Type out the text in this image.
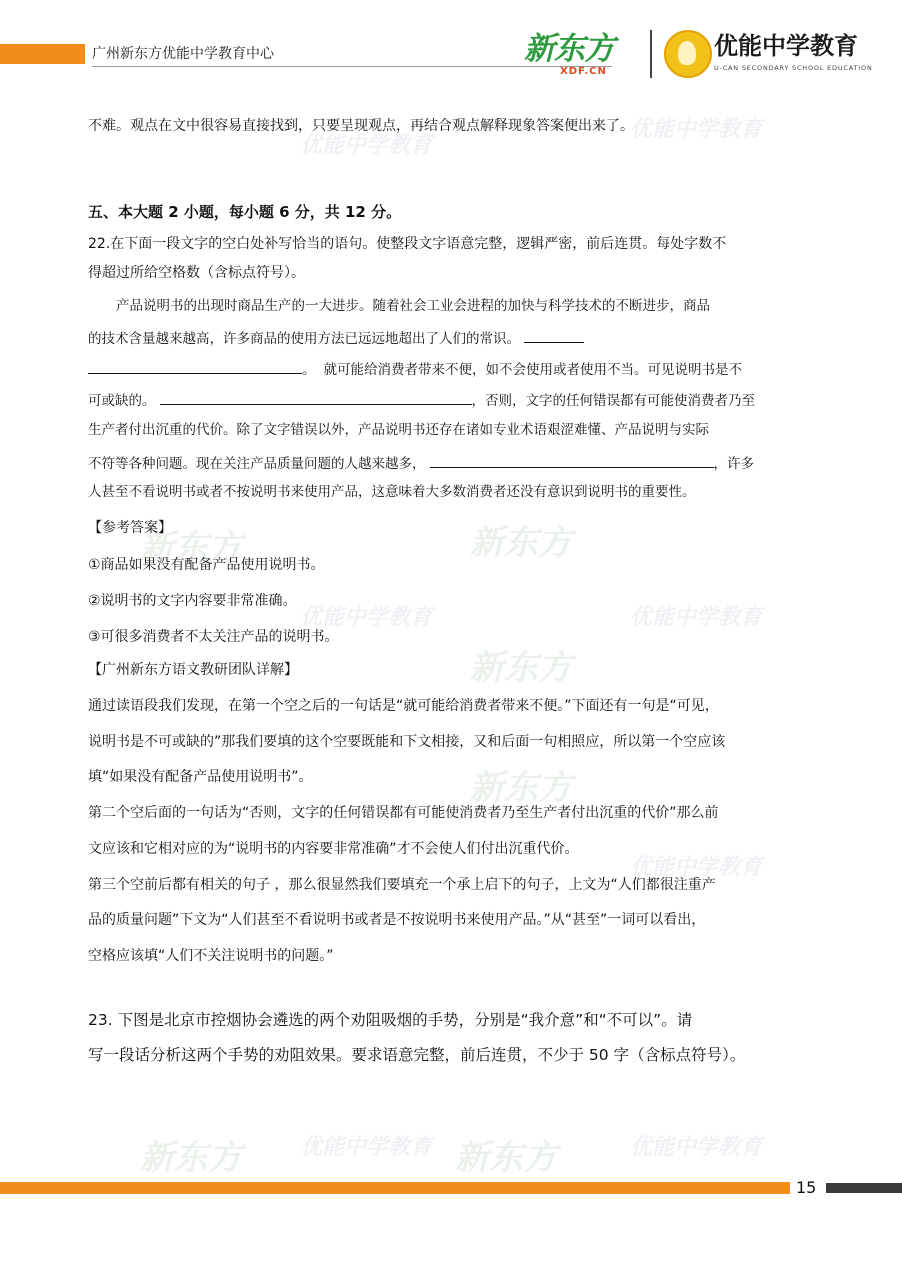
优能中学教育
优能中学教育
新东方	新东方
优能中学教育	优能中学教育
新东方
新东方
优能中学教育
新东方	优能中学教育 新东方	优能中学教育
广州新东方优能中学教育中心	新东方
XDF.CN
优能中学教育
U-CAN SECONDARY SCHOOL EDUCATION
不难。观点在文中很容易直接找到，只要呈现观点，再结合观点解释现象答案便出来了。
五、本大题 2 小题，每小题 6 分，共 12 分。
22.在下面一段文字的空白处补写恰当的语句。使整段文字语意完整，逻辑严密，前后连贯。每处字数不
得超过所给空格数（含标点符号）。
产品说明书的出现时商品生产的一大进步。随着社会工业会进程的加快与科学技术的不断进步，商品
的技术含量越来越高，许多商品的使用方法已远远地超出了人们的常识。
。 就可能给消费者带来不便，如不会使用或者使用不当。可见说明书是不
可或缺的。	，否则，文字的任何错误都有可能使消费者乃至
生产者付出沉重的代价。除了文字错误以外，产品说明书还存在诸如专业术语艰涩难懂、产品说明与实际
不符等各种问题。现在关注产品质量问题的人越来越多，	，许多
人甚至不看说明书或者不按说明书来使用产品，这意味着大多数消费者还没有意识到说明书的重要性。
【参考答案】
①商品如果没有配备产品使用说明书。
②说明书的文字内容要非常准确。
③可很多消费者不太关注产品的说明书。
【广州新东方语文教研团队详解】
通过读语段我们发现，在第一个空之后的一句话是“就可能给消费者带来不便。”下面还有一句是“可见，
说明书是不可或缺的”那我们要填的这个空要既能和下文相接，又和后面一句相照应，所以第一个空应该
填“如果没有配备产品使用说明书”。
第二个空后面的一句话为“否则，文字的任何错误都有可能使消费者乃至生产者付出沉重的代价”那么前
文应该和它相对应的为“说明书的内容要非常准确”才不会使人们付出沉重代价。
第三个空前后都有相关的句子 ，那么很显然我们要填充一个承上启下的句子，上文为“人们都很注重产
品的质量问题”下文为“人们甚至不看说明书或者是不按说明书来使用产品。”从“甚至”一词可以看出，
空格应该填“人们不关注说明书的问题。”
23. 下图是北京市控烟协会遴选的两个劝阻吸烟的手势，分别是“我介意”和“不可以”。请
写一段话分析这两个手势的劝阻效果。要求语意完整，前后连贯，不少于 50 字（含标点符号）。
15
